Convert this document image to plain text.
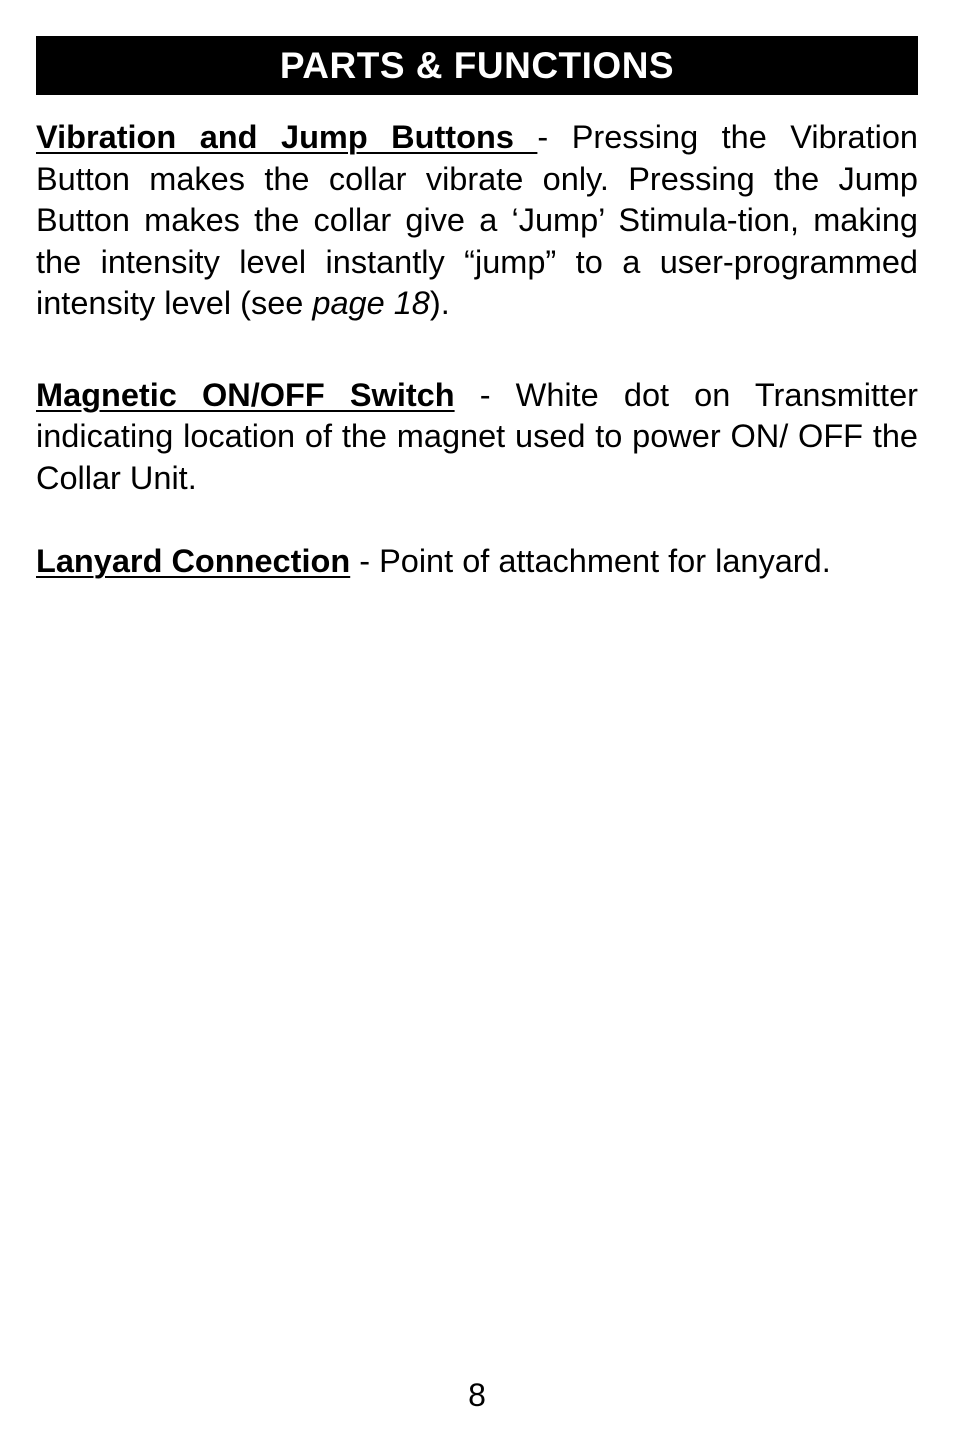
PARTS & FUNCTIONS

Vibration and Jump Buttons - Pressing the Vibration Button makes the collar vibrate only. Pressing the Jump Button makes the collar give a ‘Jump’ Stimula-tion, making the intensity level instantly “jump” to a user-programmed intensity level (see page 18).

Magnetic ON/OFF Switch - White dot on Transmitter indicating location of the magnet used to power ON/ OFF the Collar Unit.

Lanyard Connection - Point of attachment for lanyard.

8
